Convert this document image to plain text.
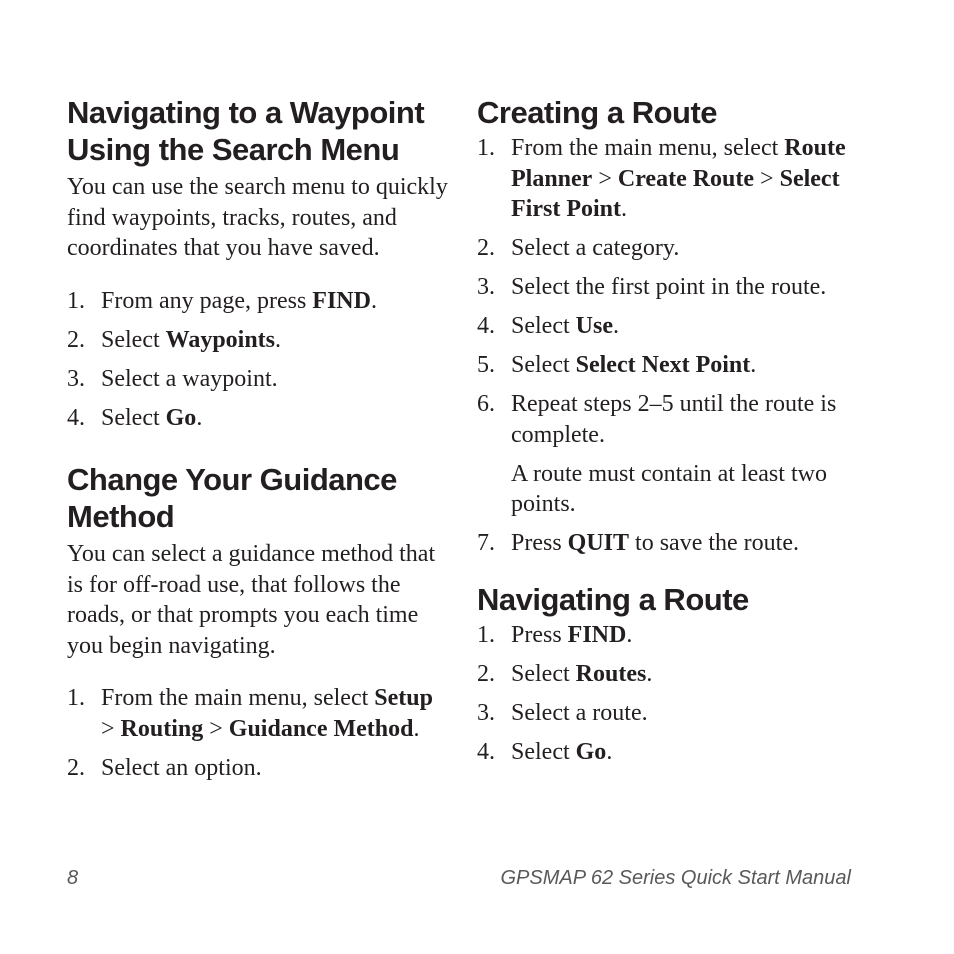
Navigating to a Waypoint
Using the Search Menu

You can use the search menu to quickly find waypoints, tracks, routes, and coordinates that you have saved.

1. From any page, press FIND.
2. Select Waypoints.
3. Select a waypoint.
4. Select Go.
Change Your Guidance
Method

You can select a guidance method that is for off-road use, that follows the roads, or that prompts you each time you begin navigating.

1. From the main menu, select Setup > Routing > Guidance Method.
2. Select an option.
Creating a Route
1. From the main menu, select Route Planner > Create Route > Select First Point.
2. Select a category.
3. Select the first point in the route.
4. Select Use.
5. Select Select Next Point.
6. Repeat steps 2–5 until the route is complete.

A route must contain at least two points.

7. Press QUIT to save the route.
Navigating a Route
1. Press FIND.
2. Select Routes.
3. Select a route.
4. Select Go.
8	GPSMAP 62 Series Quick Start Manual
